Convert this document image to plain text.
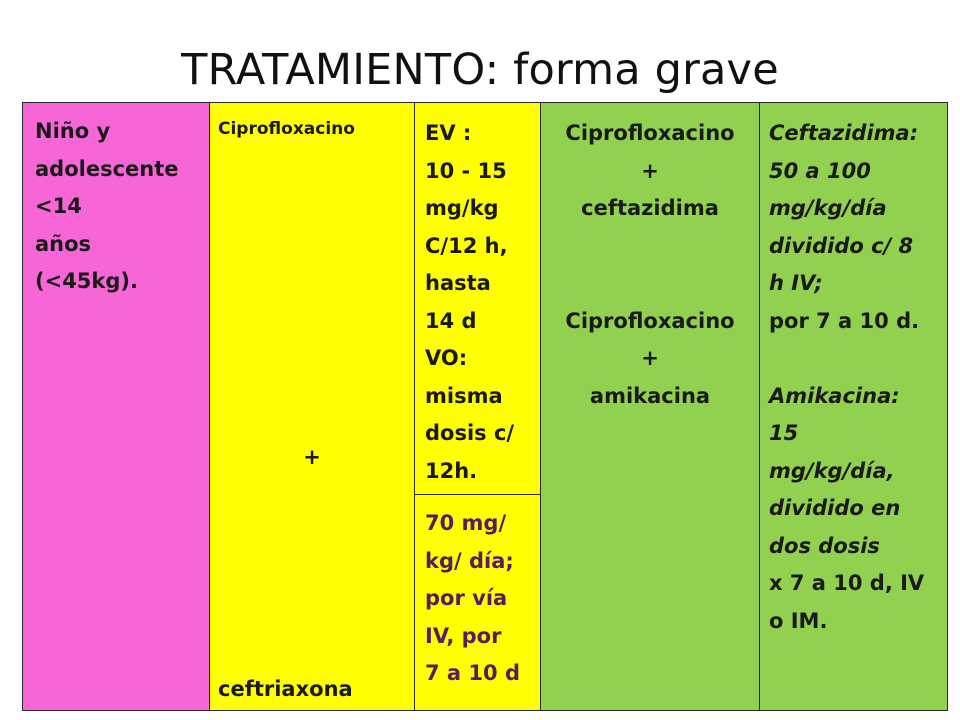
TRATAMIENTO: forma grave
Niño y
adolescente
<14
años
(<45kg).
Ciprofloxacino
+
ceftriaxona
EV :
10 - 15
mg/kg
C/12 h,
hasta
14 d
VO:
misma
dosis c/
12h.
70 mg/
kg/ día;
por vía
IV, por
7 a 10 d
Ciprofloxacino
+
ceftazidima
Ciprofloxacino
+
amikacina
Ceftazidima:
50 a 100
mg/kg/día
dividido c/ 8
h IV;
por 7 a 10 d.
Amikacina:
15
mg/kg/día,
dividido en
dos dosis
x 7 a 10 d, IV
o IM.
